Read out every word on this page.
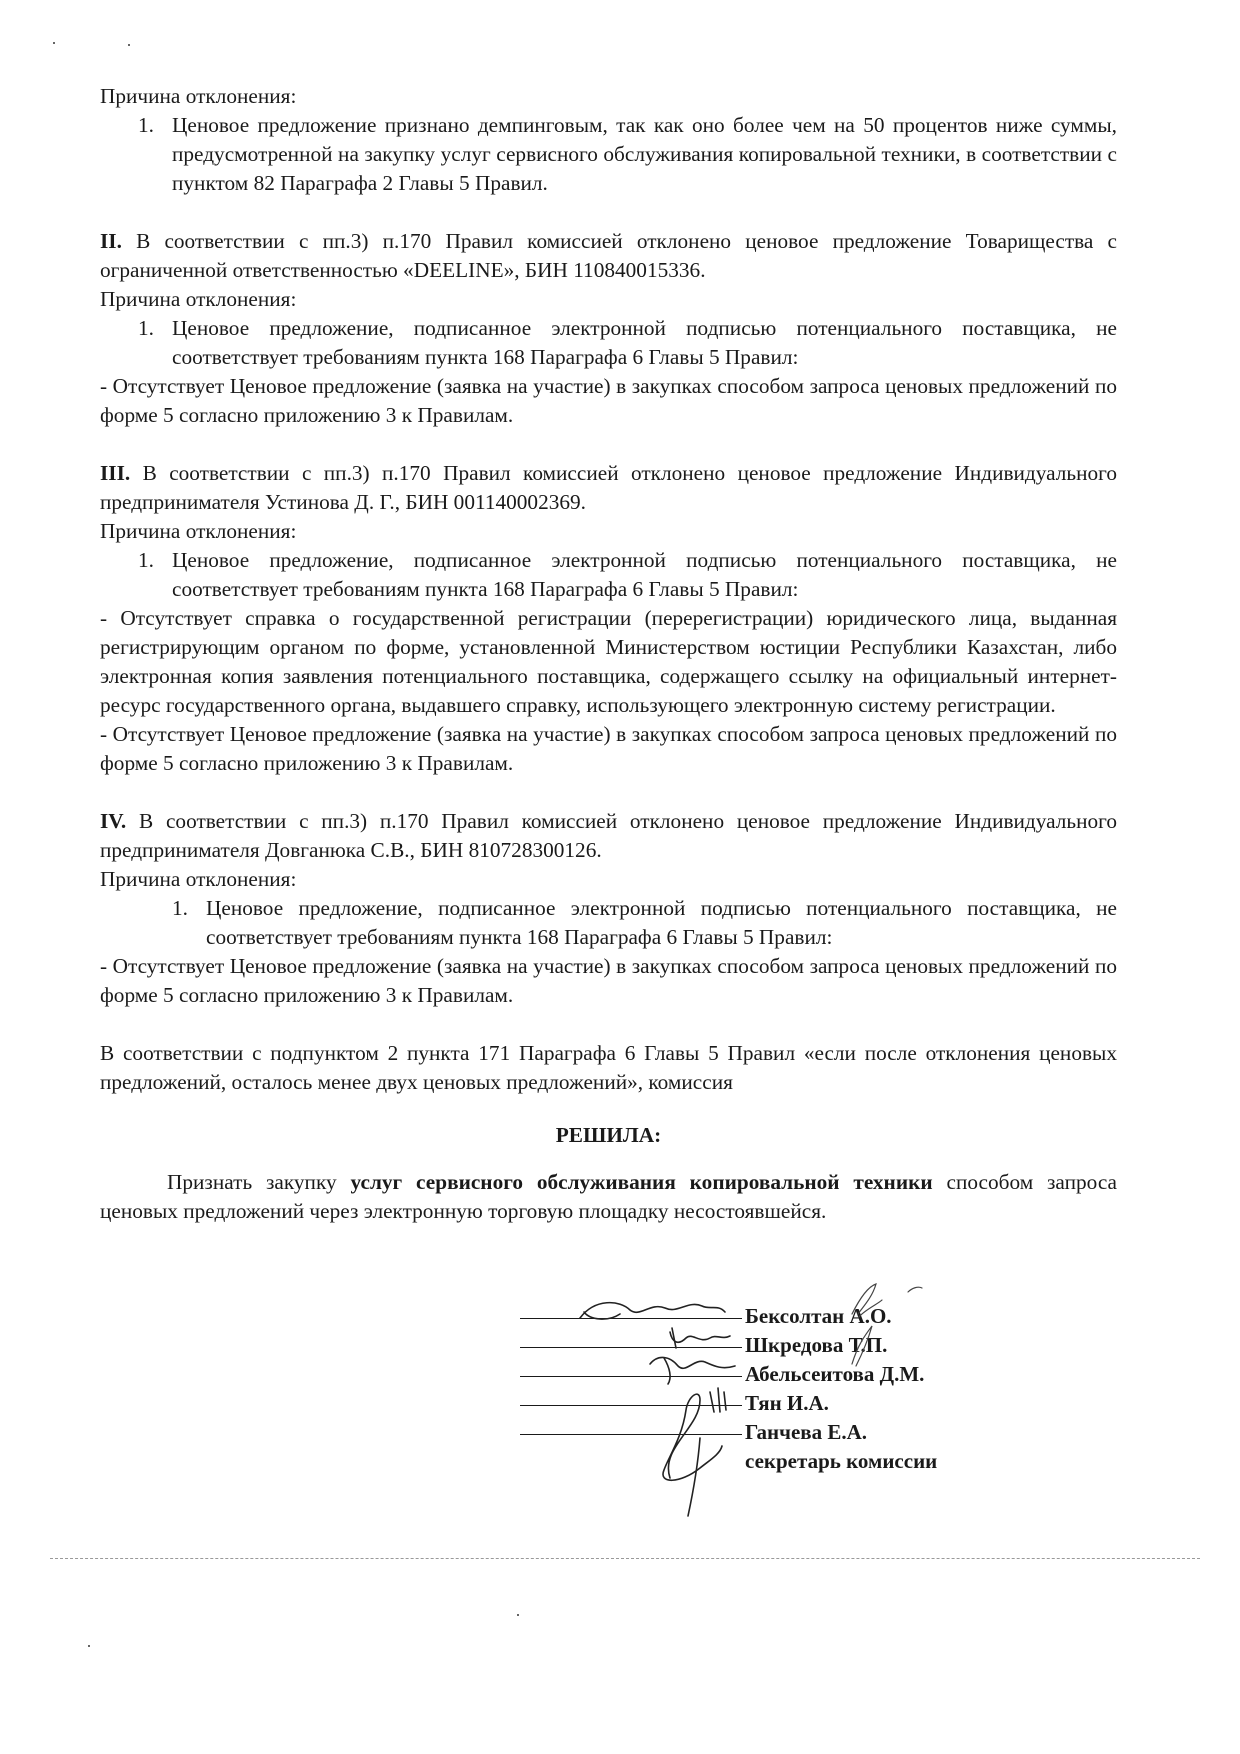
Причина отклонения:

1. Ценовое предложение признано демпинговым, так как оно более чем на 50 процентов ниже суммы, предусмотренной на закупку услуг сервисного обслуживания копировальной техники, в соответствии с пунктом 82 Параграфа 2 Главы 5 Правил.

II. В соответствии с пп.3) п.170 Правил комиссией отклонено ценовое предложение Товарищества с ограниченной ответственностью «DEELINE», БИН 110840015336.

Причина отклонения:

1. Ценовое предложение, подписанное электронной подписью потенциального поставщика, не соответствует требованиям пункта 168 Параграфа 6 Главы 5 Правил:

- Отсутствует Ценовое предложение (заявка на участие) в закупках способом запроса ценовых предложений по форме 5 согласно приложению 3 к Правилам.

III. В соответствии с пп.3) п.170 Правил комиссией отклонено ценовое предложение Индивидуального предпринимателя Устинова Д. Г., БИН 001140002369.

Причина отклонения:

1. Ценовое предложение, подписанное электронной подписью потенциального поставщика, не соответствует требованиям пункта 168 Параграфа 6 Главы 5 Правил:

- Отсутствует справка о государственной регистрации (перерегистрации) юридического лица, выданная регистрирующим органом по форме, установленной Министерством юстиции Республики Казахстан, либо электронная копия заявления потенциального поставщика, содержащего ссылку на официальный интернет-ресурс государственного органа, выдавшего справку, использующего электронную систему регистрации.

- Отсутствует Ценовое предложение (заявка на участие) в закупках способом запроса ценовых предложений по форме 5 согласно приложению 3 к Правилам.

IV. В соответствии с пп.3) п.170 Правил комиссией отклонено ценовое предложение Индивидуального предпринимателя Довганюка С.В., БИН 810728300126.

Причина отклонения:

1. Ценовое предложение, подписанное электронной подписью потенциального поставщика, не соответствует требованиям пункта 168 Параграфа 6 Главы 5 Правил:

- Отсутствует Ценовое предложение (заявка на участие) в закупках способом запроса ценовых предложений по форме 5 согласно приложению 3 к Правилам.

В соответствии с подпунктом 2 пункта 171 Параграфа 6 Главы 5 Правил «если после отклонения ценовых предложений, осталось менее двух ценовых предложений», комиссия

РЕШИЛА:

Признать закупку услуг сервисного обслуживания копировальной техники способом запроса ценовых предложений через электронную торговую площадку несостоявшейся.

Бексолтан А.О.
Шкредова Т.П.
Абельсеитова Д.М.
Тян И.А.
Ганчева Е.А.
секретарь комиссии
